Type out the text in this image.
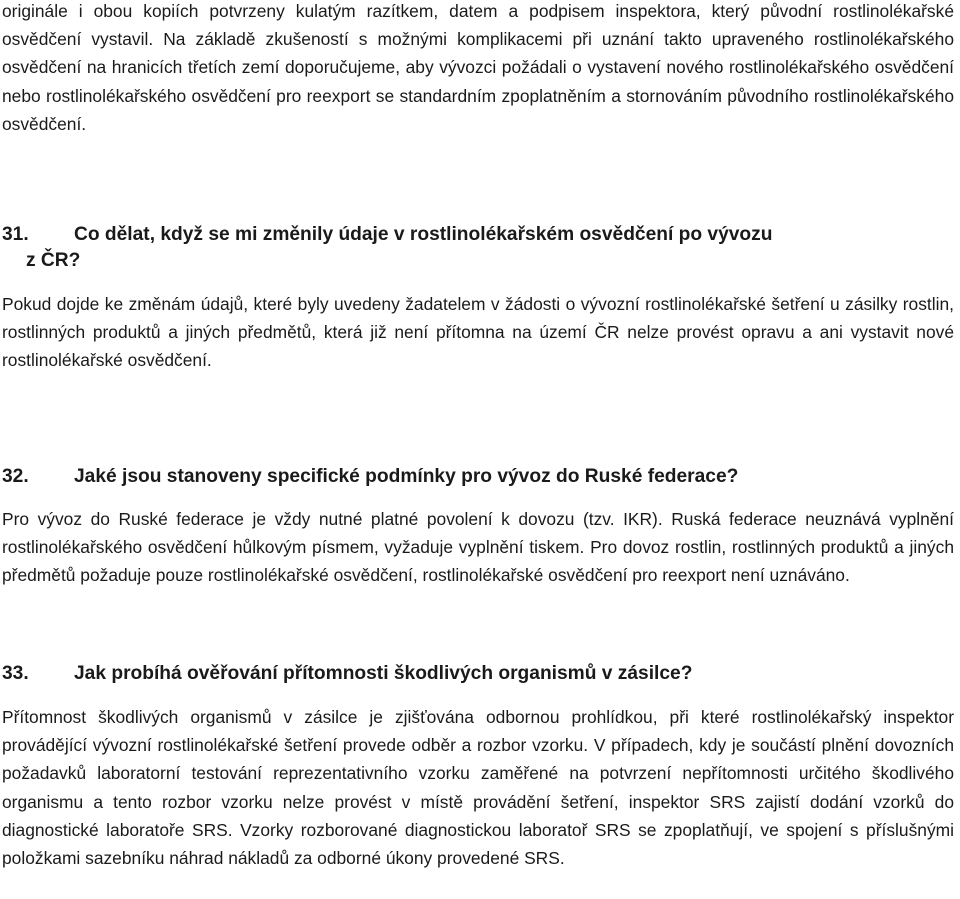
originále i obou kopiích potvrzeny kulatým razítkem, datem a podpisem inspektora, který původní rostlinolékařské osvědčení vystavil. Na základě zkušeností s možnými komplikacemi při uznání takto upraveného rostlinolékařského osvědčení na hranicích třetích zemí doporučujeme, aby vývozci požádali o vystavení nového rostlinolékařského osvědčení nebo rostlinolékařského osvědčení pro reexport se standardním zpoplatněním a stornováním původního rostlinolékařského osvědčení.

31. Co dělat, když se mi změnily údaje v rostlinolékařském osvědčení po vývozu
z ČR?

Pokud dojde ke změnám údajů, které byly uvedeny žadatelem v žádosti o vývozní rostlinolékařské šetření u zásilky rostlin, rostlinných produktů a jiných předmětů, která již není přítomna na území ČR nelze provést opravu a ani vystavit nové rostlinolékařské osvědčení.

32. Jaké jsou stanoveny specifické podmínky pro vývoz do Ruské federace?

Pro vývoz do Ruské federace je vždy nutné platné povolení k dovozu (tzv. IKR). Ruská federace neuznává vyplnění rostlinolékařského osvědčení hůlkovým písmem, vyžaduje vyplnění tiskem. Pro dovoz rostlin, rostlinných produktů a jiných předmětů požaduje pouze rostlinolékařské osvědčení, rostlinolékařské osvědčení pro reexport není uznáváno.

33. Jak probíhá ověřování přítomnosti škodlivých organismů v zásilce?

Přítomnost škodlivých organismů v zásilce je zjišťována odbornou prohlídkou, při které rostlinolékařský inspektor provádějící vývozní rostlinolékařské šetření provede odběr a rozbor vzorku. V případech, kdy je součástí plnění dovozních požadavků laboratorní testování reprezentativního vzorku zaměřené na potvrzení nepřítomnosti určitého škodlivého organismu a tento rozbor vzorku nelze provést v místě provádění šetření, inspektor SRS zajistí dodání vzorků do diagnostické laboratoře SRS. Vzorky rozborované diagnostickou laboratoř SRS se zpoplatňují, ve spojení s příslušnými položkami sazebníku náhrad nákladů za odborné úkony provedené SRS.
